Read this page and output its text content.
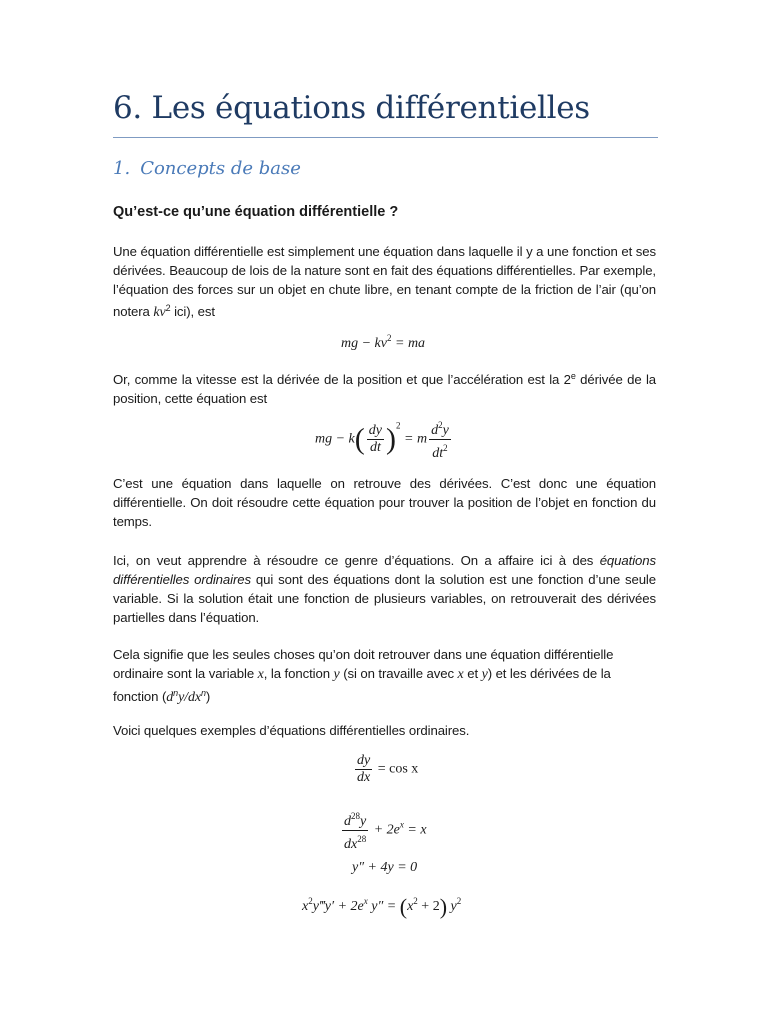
6. Les équations différentielles
1. Concepts de base
Qu’est-ce qu’une équation différentielle ?
Une équation différentielle est simplement une équation dans laquelle il y a une fonction et ses dérivées. Beaucoup de lois de la nature sont en fait des équations différentielles. Par exemple, l’équation des forces sur un objet en chute libre, en tenant compte de la friction de l’air (qu’on notera $kv^2$ ici), est
mg − $kv^2$ = ma
Or, comme la vitesse est la dérivée de la position et que l’accélération est la 2e dérivée de la position, cette équation est
mg − $k( \frac{dy}{dt} )^2 = m \frac{d^2y}{dt^2}$
C’est une équation dans laquelle on retrouve des dérivées. C’est donc une équation différentielle. On doit résoudre cette équation pour trouver la position de l’objet en fonction du temps.
Ici, on veut apprendre à résoudre ce genre d’équations. On a affaire ici à des équations différentielles ordinaires qui sont des équations dont la solution est une fonction d’une seule variable. Si la solution était une fonction de plusieurs variables, on retrouverait des dérivées partielles dans l’équation.
Cela signifie que les seules choses qu’on doit retrouver dans une équation différentielle ordinaire sont la variable x, la fonction y (si on travaille avec x et y) et les dérivées de la fonction $(d^ny/dx^n)$
Voici quelques exemples d’équations différentielles ordinaires.
$\frac{dy}{dx} = \cos x$
$\frac{d^{28}y}{dx^{28}} + 2e^x = x$
y″ + 4y = 0
$x^2y‴y' + 2e^x$ $y'' = (x^2 + 2)$ $y^2$
